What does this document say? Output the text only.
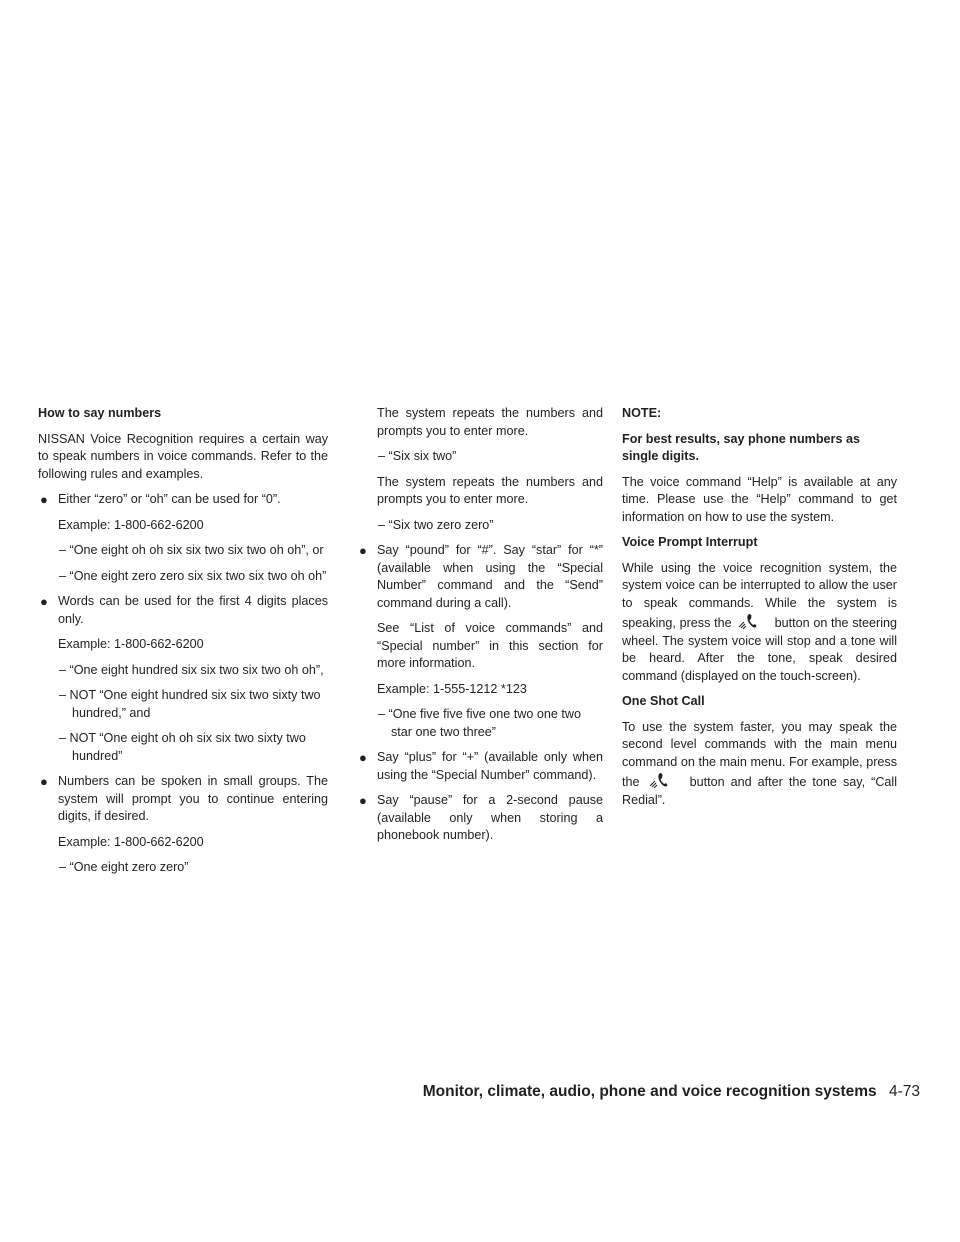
How to say numbers
NISSAN Voice Recognition requires a certain way to speak numbers in voice commands. Refer to the following rules and examples.
● Either “zero” or “oh” can be used for “0”.
Example: 1-800-662-6200
– “One eight oh oh six six two six two oh oh”, or
– “One eight zero zero six six two six two oh oh”
● Words can be used for the first 4 digits places only.
Example: 1-800-662-6200
– “One eight hundred six six two six two oh oh”,
– NOT “One eight hundred six six two sixty two hundred,” and
– NOT “One eight oh oh six six two sixty two hundred”
● Numbers can be spoken in small groups. The system will prompt you to continue entering digits, if desired.
Example: 1-800-662-6200
– “One eight zero zero”
The system repeats the numbers and prompts you to enter more.
– “Six six two”
The system repeats the numbers and prompts you to enter more.
– “Six two zero zero”
● Say “pound” for “#”. Say “star” for “*” (available when using the “Special Number” command and the “Send” command during a call).
See “List of voice commands” and “Special number” in this section for more information.
Example: 1-555-1212 *123
– “One five five five one two one two star one two three”
● Say “plus” for “+” (available only when using the “Special Number” command).
● Say “pause” for a 2-second pause (available only when storing a phonebook number).
NOTE:
For best results, say phone numbers as single digits.
The voice command “Help” is available at any time. Please use the “Help” command to get information on how to use the system.
Voice Prompt Interrupt
While using the voice recognition system, the system voice can be interrupted to allow the user to speak commands. While the system is speaking, press the	button on the steering wheel. The system voice will stop and a tone will be heard. After the tone, speak desired command (displayed on the touch-screen).
One Shot Call
To use the system faster, you may speak the second level commands with the main menu command on the main menu. For example, press the	button and after the tone say, “Call Redial”.
Monitor, climate, audio, phone and voice recognition systems 4-73
